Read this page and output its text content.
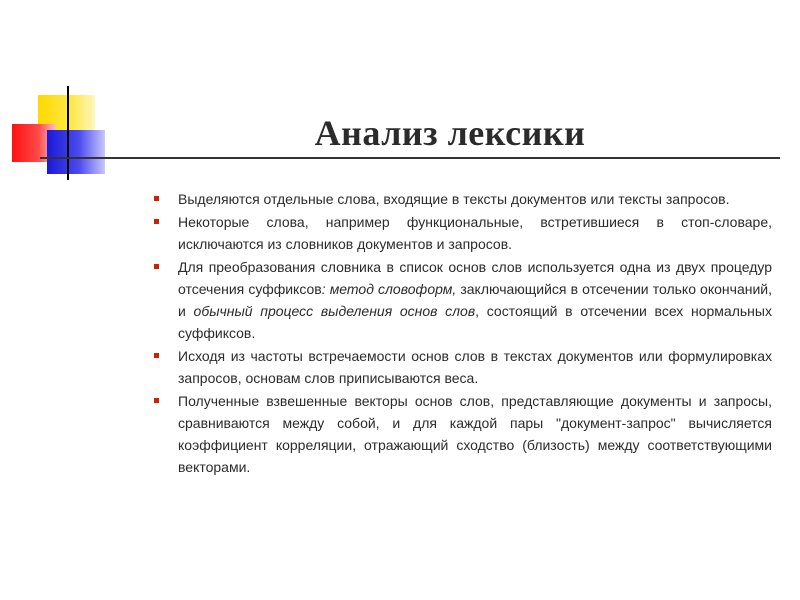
Анализ лексики
Выделяются отдельные слова, входящие в тексты документов или тексты запросов.
Некоторые слова, например функциональные, встретившиеся в стоп-словаре, исключаются из словников документов и запросов.
Для преобразования словника в список основ слов используется одна из двух процедур отсечения суффиксов: метод словоформ, заключающийся в отсечении только окончаний, и обычный процесс выделения основ слов, состоящий в отсечении всех нормальных суффиксов.
Исходя из частоты встречаемости основ слов в текстах документов или формулировках запросов, основам слов приписываются веса.
Полученные взвешенные векторы основ слов, представляющие документы и запросы, сравниваются между собой, и для каждой пары "документ-запрос" вычисляется коэффициент корреляции, отражающий сходство (близость) между соответствующими векторами.
